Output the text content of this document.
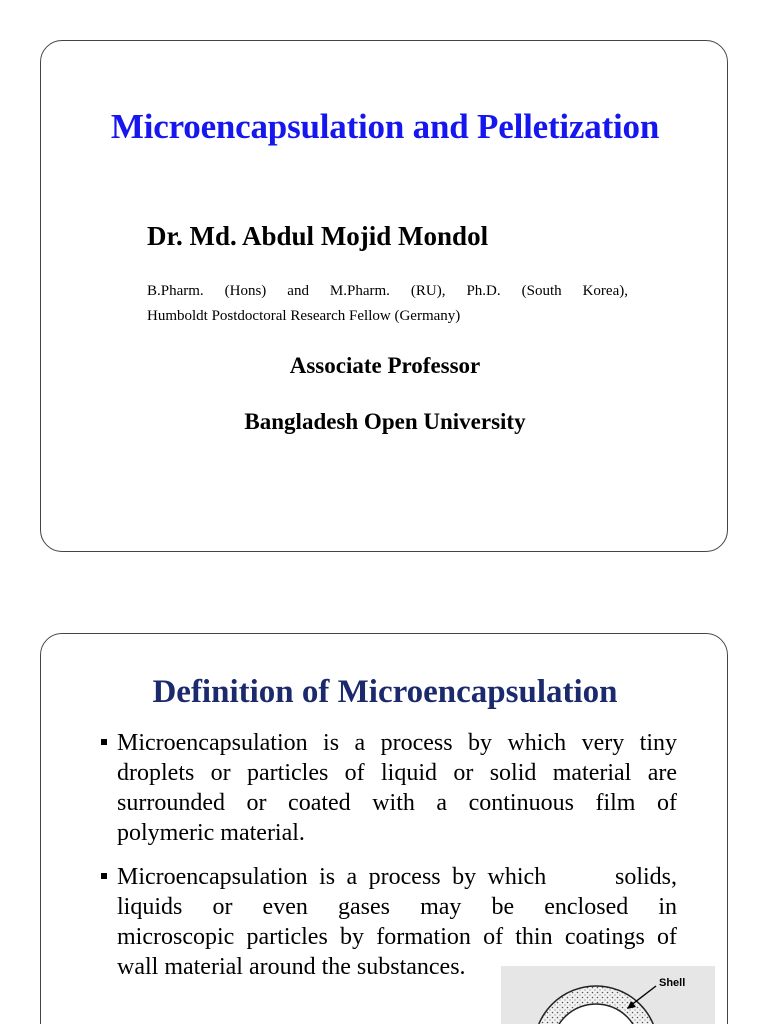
Microencapsulation and Pelletization

Dr. Md. Abdul Mojid Mondol

B.Pharm. (Hons) and M.Pharm. (RU), Ph.D. (South Korea),
Humboldt Postdoctoral Research Fellow (Germany)

Associate Professor

Bangladesh Open University

Definition of Microencapsulation
Microencapsulation is a process by which very tiny
droplets or particles of liquid or solid material are
surrounded or coated with a continuous film of
polymeric material.
Microencapsulation is a process by which      solids,
liquids or even gases may be enclosed in
microscopic particles by formation of thin coatings of
wall material around the substances.
Shell
